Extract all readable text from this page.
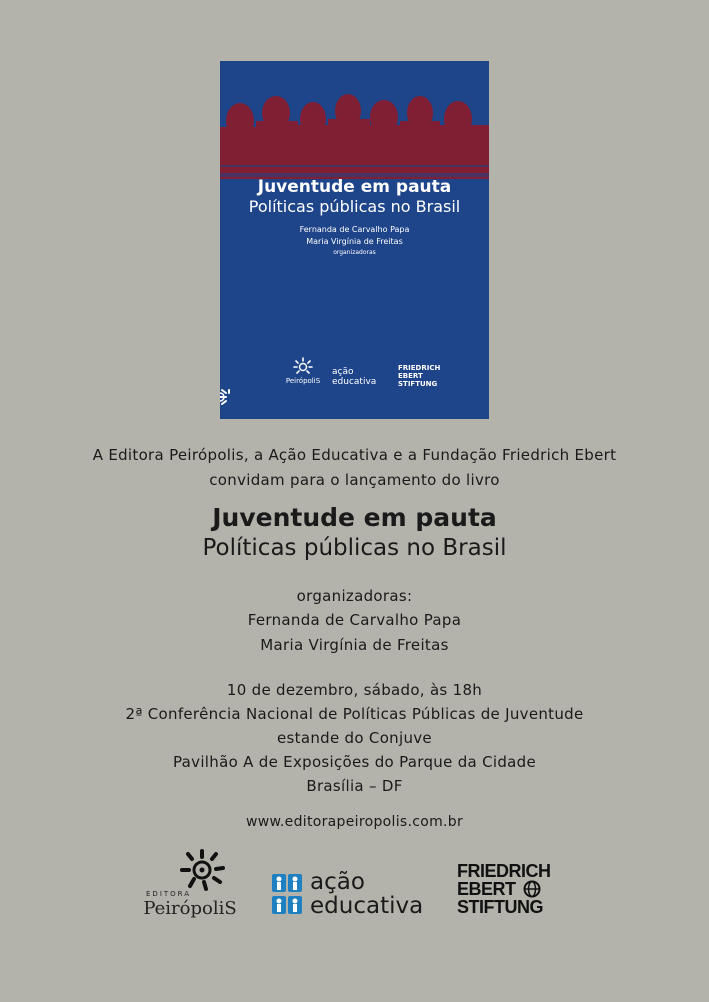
Juventude em pauta
Políticas públicas no Brasil
Fernanda de Carvalho Papa
Maria Virgínia de Freitas
organizadoras
PeirópoliS
ação educativa
FRIEDRICH
EBERT
STIFTUNG
A Editora Peirópolis, a Ação Educativa e a Fundação Friedrich Ebert
convidam para o lançamento do livro
Juventude em pauta
Políticas públicas no Brasil
organizadoras:
Fernanda de Carvalho Papa
Maria Virgínia de Freitas
10 de dezembro, sábado, às 18h
2ª Conferência Nacional de Políticas Públicas de Juventude
estande do Conjuve
Pavilhão A de Exposições do Parque da Cidade
Brasília – DF
www.editorapeiropolis.com.br
EDITORA
PeirópoliS
ação
educativa
FRIEDRICH
EBERT
STIFTUNG
